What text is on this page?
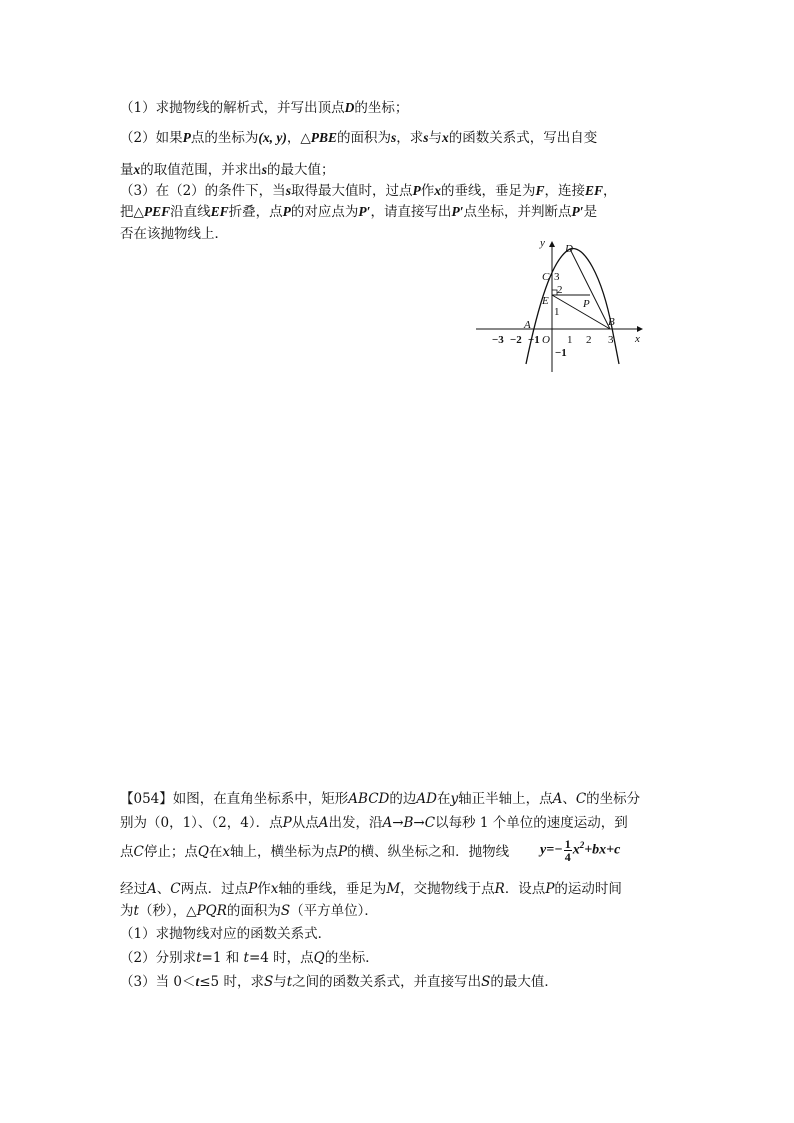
（1）求抛物线的解析式，并写出顶点D的坐标；
（2）如果P点的坐标为(x, y)，△PBE的面积为s，求s与x的函数关系式，写出自变
量x的取值范围，并求出s的最大值；
（3）在（2）的条件下，当s取得最大值时，过点P作x的垂线，垂足为F，连接EF，
把△PEF沿直线EF折叠，点P的对应点为P′，请直接写出P′点坐标，并判断点P′是
否在该抛物线上．
y
x
D
C
E	P
A	B
O
−3 −2 −1 1 2 3
3
2
1
−1
【054】如图，在直角坐标系中，矩形ABCD的边AD在y轴正半轴上，点A、C的坐标分
别为（0，1）、（2，4）．点P从点A出发，沿A→B→C以每秒 1 个单位的速度运动，到
点C停止；点Q在x轴上，横坐标为点P的横、纵坐标之和．抛物线 $y=- \frac{1}{4} x^2+bx+c$
经过A、C两点．过点P作x轴的垂线，垂足为M，交抛物线于点R．设点P的运动时间
为t（秒），△PQR的面积为S（平方单位）．
（1）求抛物线对应的函数关系式．
（2）分别求t=1 和 t=4 时，点Q的坐标．
（3）当 0＜t≤5 时，求S与t之间的函数关系式，并直接写出S的最大值．
